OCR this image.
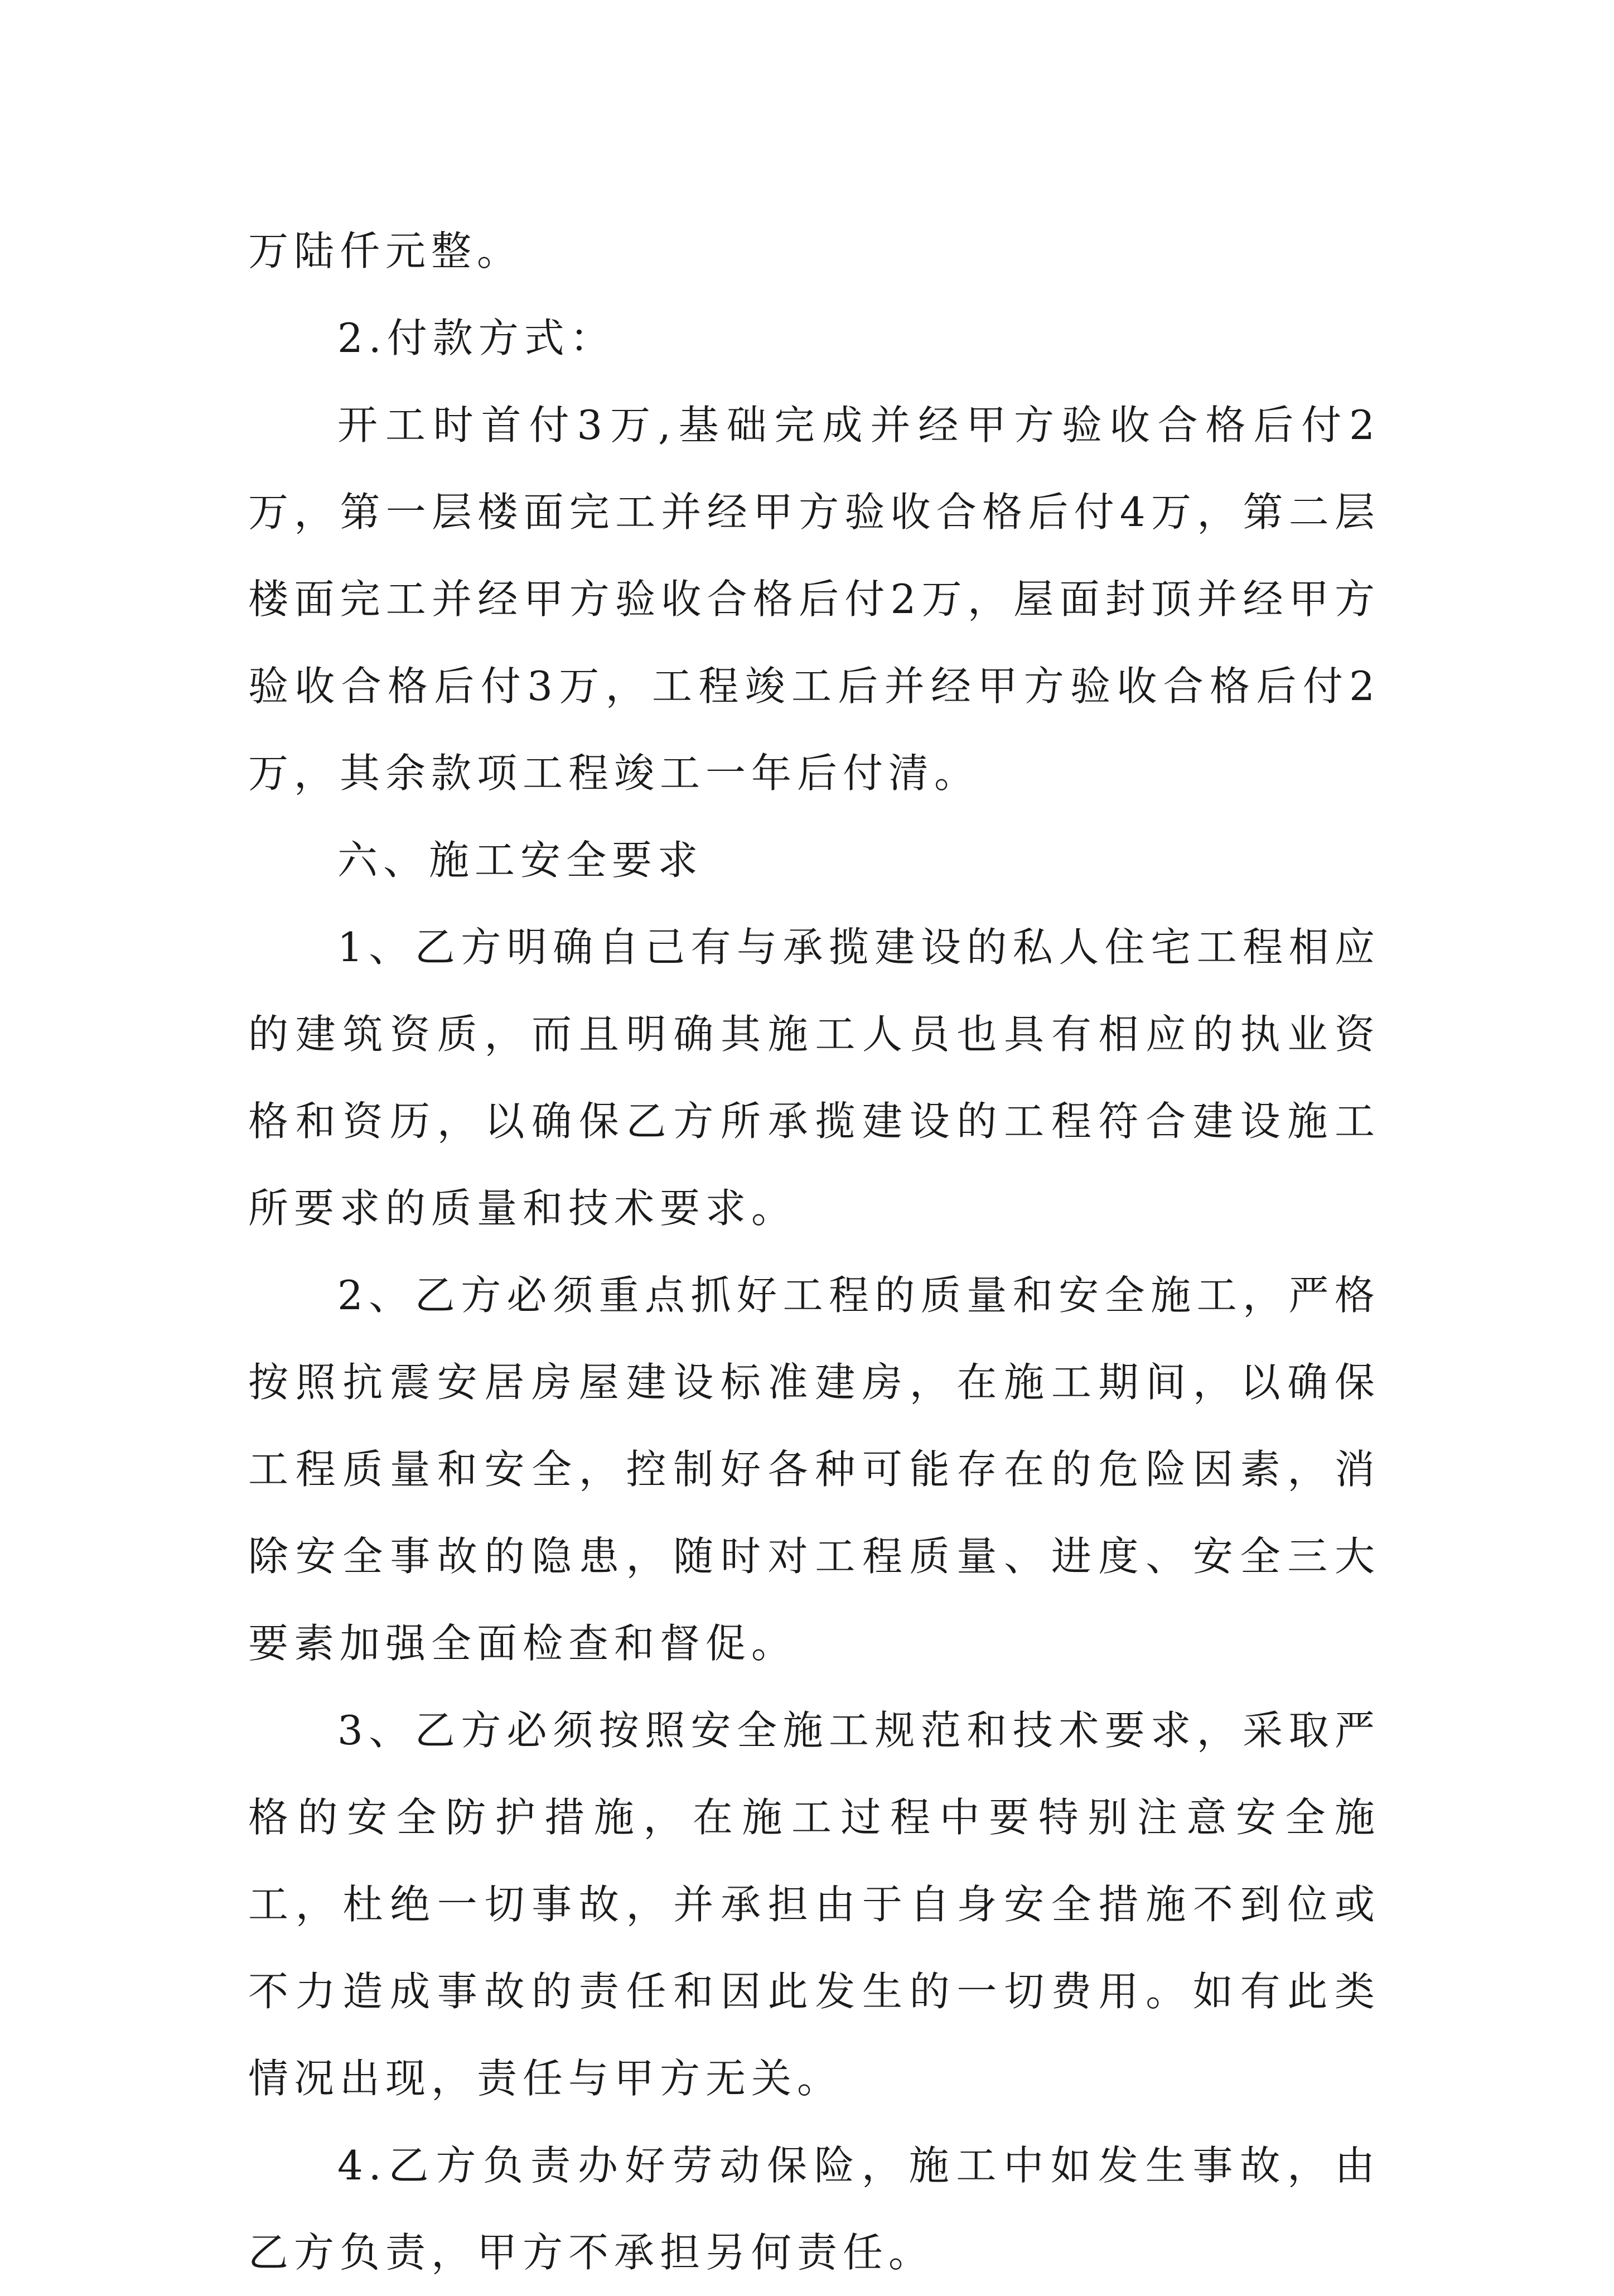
万陆仟元整。

2.付款方式：

开工时首付3万,基础完成并经甲方验收合格后付2万，第一层楼面完工并经甲方验收合格后付4万，第二层楼面完工并经甲方验收合格后付2万，屋面封顶并经甲方验收合格后付3万，工程竣工后并经甲方验收合格后付2万，其余款项工程竣工一年后付清。

六、施工安全要求

1、乙方明确自己有与承揽建设的私人住宅工程相应的建筑资质，而且明确其施工人员也具有相应的执业资格和资历，以确保乙方所承揽建设的工程符合建设施工所要求的质量和技术要求。

2、乙方必须重点抓好工程的质量和安全施工，严格按照抗震安居房屋建设标准建房，在施工期间，以确保工程质量和安全，控制好各种可能存在的危险因素，消除安全事故的隐患，随时对工程质量、进度、安全三大要素加强全面检查和督促。

3、乙方必须按照安全施工规范和技术要求，采取严格的安全防护措施，在施工过程中要特别注意安全施工，杜绝一切事故，并承担由于自身安全措施不到位或不力造成事故的责任和因此发生的一切费用。如有此类情况出现，责任与甲方无关。

4.乙方负责办好劳动保险，施工中如发生事故，由乙方负责，甲方不承担另何责任。
